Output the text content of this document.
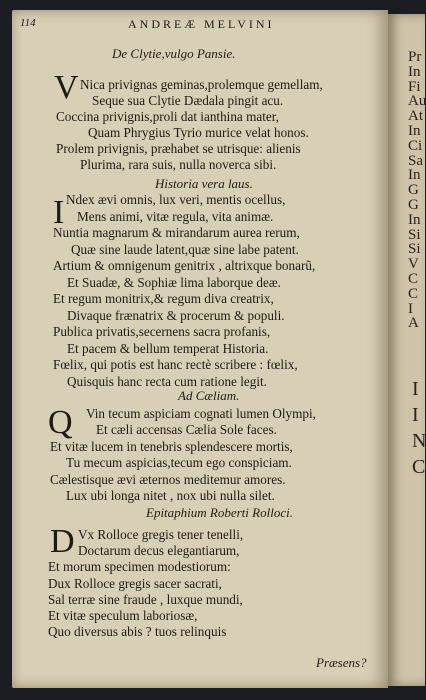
Pr
In
Fi
Au
At
In
Ci
Sa
In
G
G
In
Si
Si
V
C
C
I
A
I
I
N
C
114	ANDREÆ MELVINI
De Clytie,vulgo Pansie.
V Nica privignas geminas,prolemque gemellam,
Seque sua Clytie Dædala pingit acu.
Coccina privignis,proli dat ianthina mater,
Quam Phrygius Tyrio murice velat honos.
Prolem privignis, præhabet se utrisque: alienis
Plurima, rara suis, nulla noverca sibi.
Historia vera laus.
I Ndex ævi omnis, lux veri, mentis ocellus,
Mens animi, vitæ regula, vita animæ.
Nuntia magnarum & mirandarum aurea rerum,
Quæ sine laude latent,quæ sine labe patent.
Artium & omnigenum genitrix , altrixque bonarũ,
Et Suadæ, & Sophiæ lima laborque deæ.
Et regum monitrix,& regum diva creatrix,
Divaque frænatrix & procerum & populi.
Publica privatis,secernens sacra profanis,
Et pacem & bellum temperat Historia.
Fœlix, qui potis est hanc rectè scribere : fœlix,
Quisquis hanc recta cum ratione legit.
Ad Cæliam.
Q Vin tecum aspiciam cognati lumen Olympi,
Et cæli accensas Cælia Sole faces.
Et vitæ lucem in tenebris splendescere mortis,
Tu mecum aspicias,tecum ego conspiciam.
Cælestisque ævi æternos meditemur amores.
Lux ubi longa nitet , nox ubi nulla silet.
Epitaphium Roberti Rolloci.
D Vx Rolloce gregis tener tenelli,
Doctarum decus elegantiarum,
Et morum specimen modestiorum:
Dux Rolloce gregis sacer sacrati,
Sal terræ sine fraude , luxque mundi,
Et vitæ speculum laboriosæ,
Quo diversus abis ? tuos relinquis
Præsens?
